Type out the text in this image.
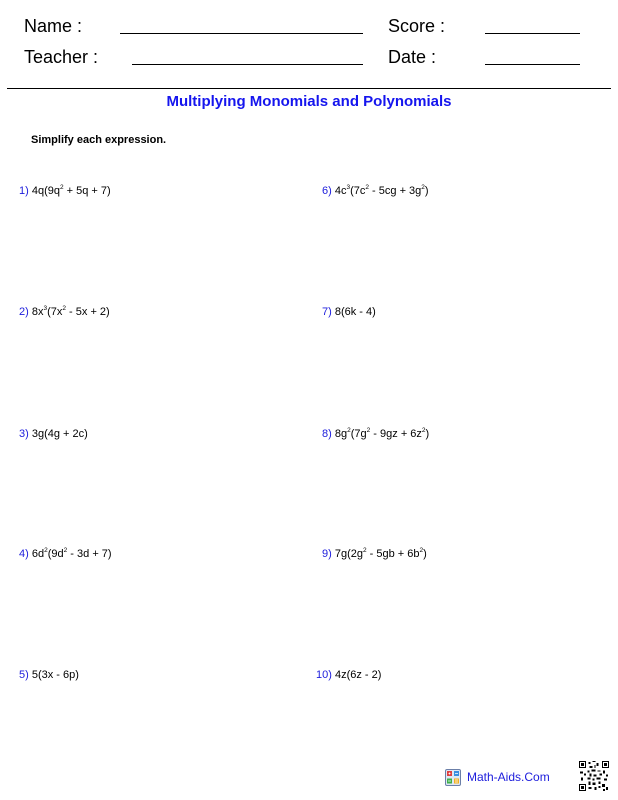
Name :	Score :
Teacher :	Date :
Multiplying Monomials and Polynomials
Simplify each expression.
1) $4q(9q^2 + 5q + 7)$
2) $8x^3(7x^2 - 5x + 2)$
3) 3g(4g + 2c)
4) $6d^2(9d^2 - 3d + 7)$
5) 5(3x - 6p)
6) $4c^3(7c^2 - 5cg + 3g^2)$
7) 8(6k - 4)
8) $8g^2(7g^2 - 9gz + 6z^2)$
9) $7g(2g^2 - 5gb + 6b^2)$
10) 4z(6z - 2)
Math-Aids.Com
